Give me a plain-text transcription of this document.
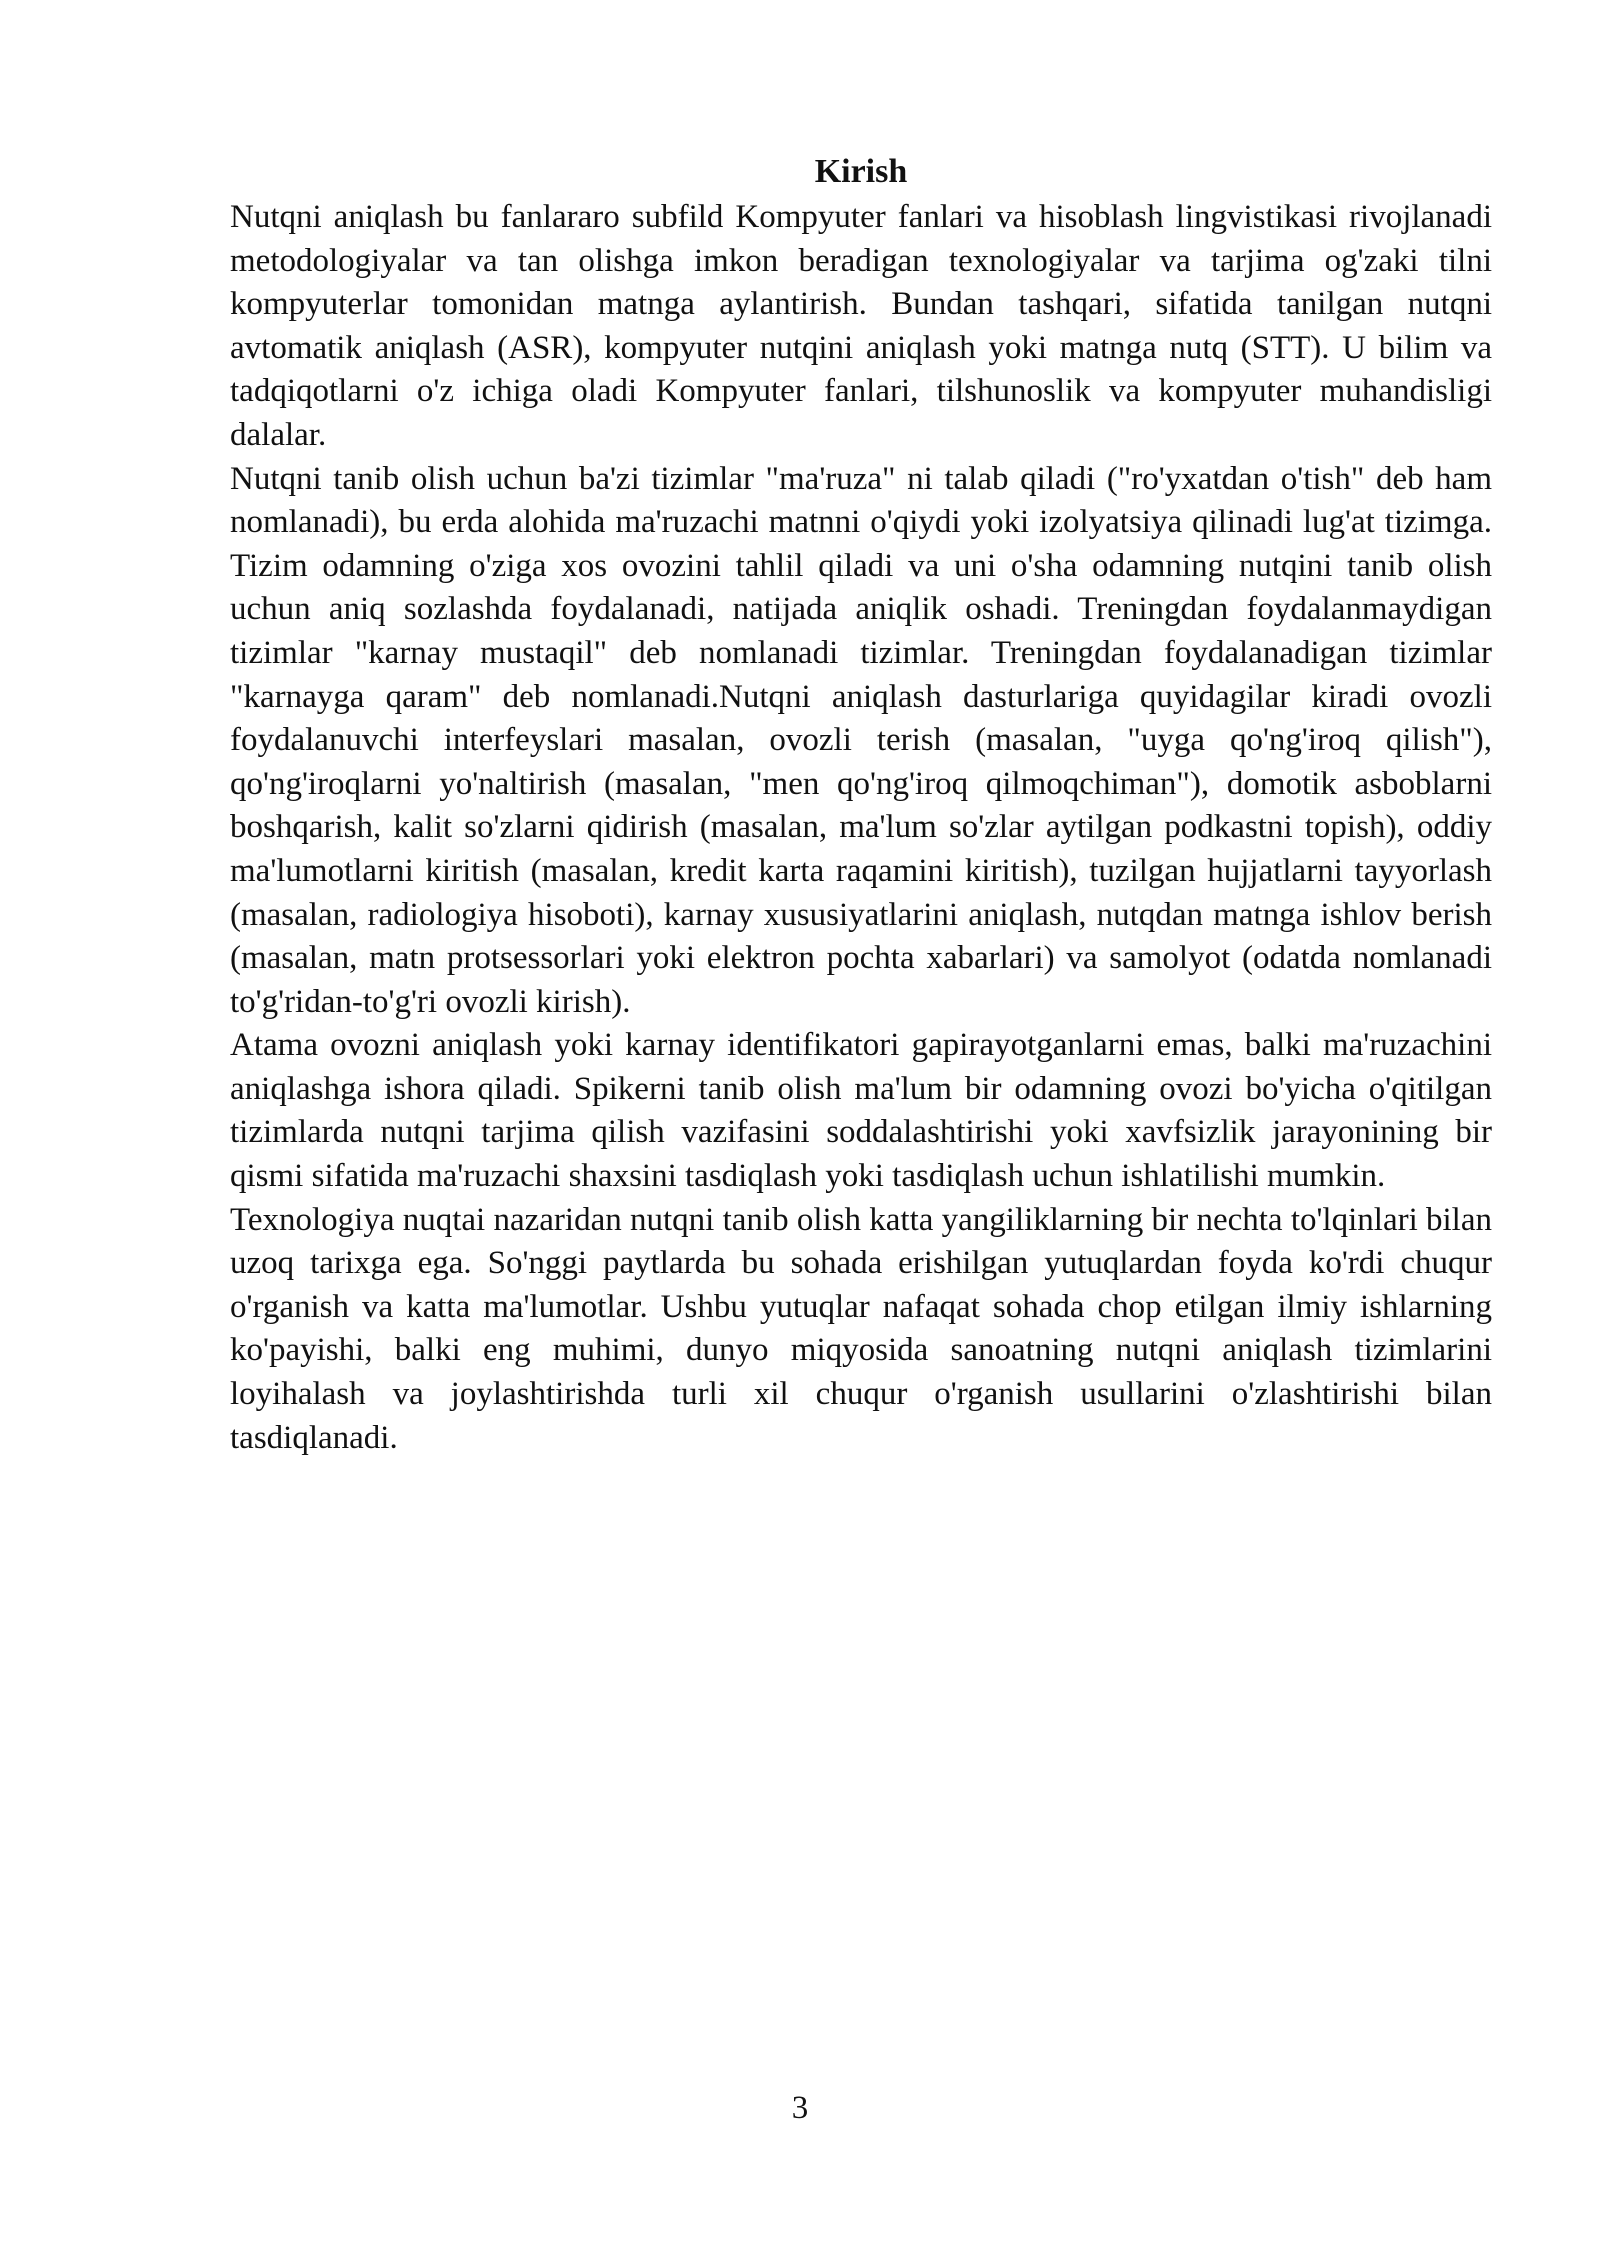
Kirish

Nutqni aniqlash bu fanlararo subfild Kompyuter fanlari va hisoblash lingvistikasi rivojlanadi metodologiyalar va tan olishga imkon beradigan texnologiyalar va tarjima og'zaki tilni kompyuterlar tomonidan matnga aylantirish. Bundan tashqari, sifatida tanilgan nutqni avtomatik aniqlash (ASR), kompyuter nutqini aniqlash yoki matnga nutq (STT). U bilim va tadqiqotlarni o'z ichiga oladi Kompyuter fanlari, tilshunoslik va kompyuter muhandisligi dalalar.

Nutqni tanib olish uchun ba'zi tizimlar "ma'ruza" ni talab qiladi ("ro'yxatdan o'tish" deb ham nomlanadi), bu erda alohida ma'ruzachi matnni o'qiydi yoki izolyatsiya qilinadi lug'at tizimga. Tizim odamning o'ziga xos ovozini tahlil qiladi va uni o'sha odamning nutqini tanib olish uchun aniq sozlashda foydalanadi, natijada aniqlik oshadi. Treningdan foydalanmaydigan tizimlar "karnay mustaqil" deb nomlanadi tizimlar. Treningdan foydalanadigan tizimlar "karnayga qaram" deb nomlanadi.Nutqni aniqlash dasturlariga quyidagilar kiradi ovozli foydalanuvchi interfeyslari masalan, ovozli terish (masalan, "uyga qo'ng'iroq qilish"), qo'ng'iroqlarni yo'naltirish (masalan, "men qo'ng'iroq qilmoqchiman"), domotik asboblarni boshqarish, kalit so'zlarni qidirish (masalan, ma'lum so'zlar aytilgan podkastni topish), oddiy ma'lumotlarni kiritish (masalan, kredit karta raqamini kiritish), tuzilgan hujjatlarni tayyorlash (masalan, radiologiya hisoboti), karnay xususiyatlarini aniqlash, nutqdan matnga ishlov berish (masalan, matn protsessorlari yoki elektron pochta xabarlari) va samolyot (odatda nomlanadi to'g'ridan-to'g'ri ovozli kirish).

Atama ovozni aniqlash yoki karnay identifikatori gapirayotganlarni emas, balki ma'ruzachini aniqlashga ishora qiladi. Spikerni tanib olish ma'lum bir odamning ovozi bo'yicha o'qitilgan tizimlarda nutqni tarjima qilish vazifasini soddalashtirishi yoki xavfsizlik jarayonining bir qismi sifatida ma'ruzachi shaxsini tasdiqlash yoki tasdiqlash uchun ishlatilishi mumkin.

Texnologiya nuqtai nazaridan nutqni tanib olish katta yangiliklarning bir nechta to'lqinlari bilan uzoq tarixga ega. So'nggi paytlarda bu sohada erishilgan yutuqlardan foyda ko'rdi chuqur o'rganish va katta ma'lumotlar. Ushbu yutuqlar nafaqat sohada chop etilgan ilmiy ishlarning ko'payishi, balki eng muhimi, dunyo miqyosida sanoatning nutqni aniqlash tizimlarini loyihalash va joylashtirishda turli xil chuqur o'rganish usullarini o'zlashtirishi bilan tasdiqlanadi.

3
